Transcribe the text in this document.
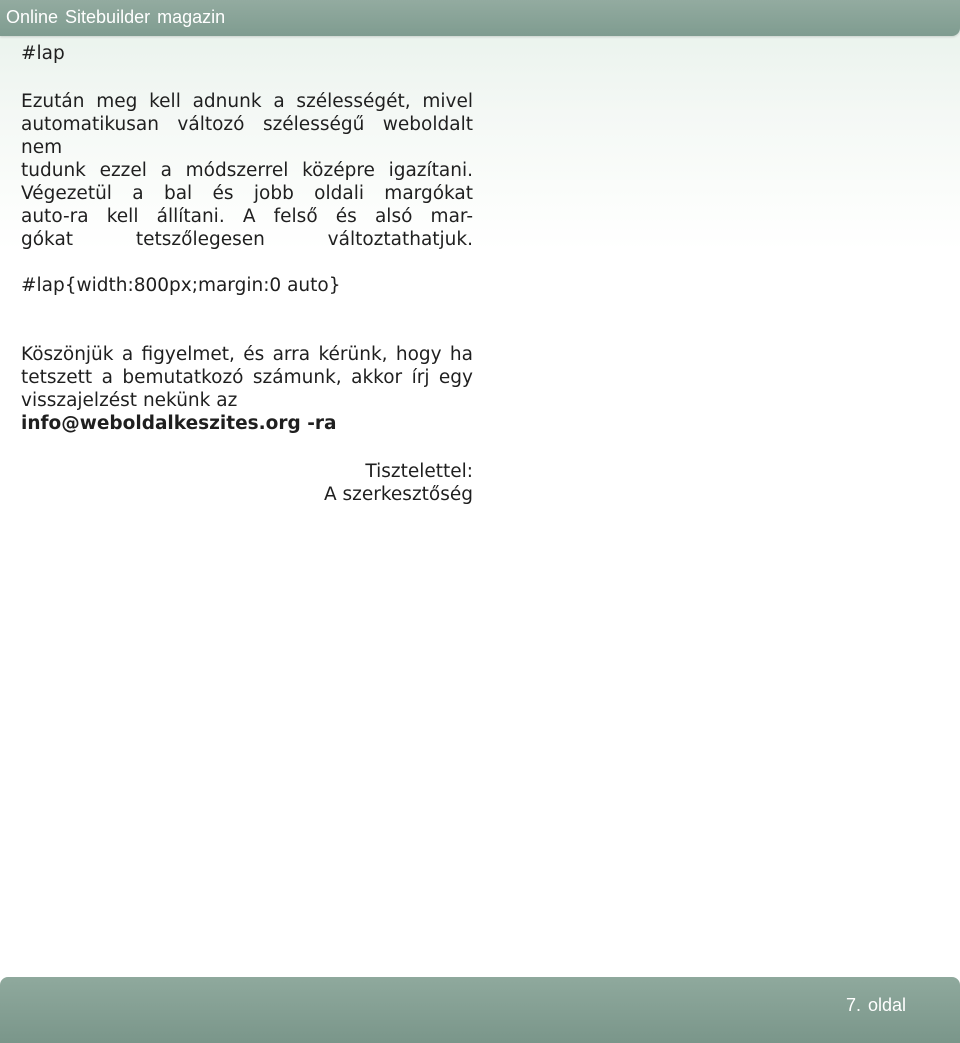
Online Sitebuilder magazin

#lap

Ezután meg kell adnunk a szélességét, mivel

automatikusan változó szélességű weboldalt nem

tudunk ezzel a módszerrel középre igazítani.

Végezetül a bal és jobb oldali margókat

auto-ra kell állítani. A felső és alsó mar-

gókat tetszőlegesen változtathatjuk.

#lap{width:800px;margin:0 auto}

Köszönjük a figyelmet, és arra kérünk, hogy ha

tetszett a bemutatkozó számunk, akkor írj egy

visszajelzést nekünk az

info@weboldalkeszites.org -ra

Tisztelettel:

A szerkesztőség

7. oldal
